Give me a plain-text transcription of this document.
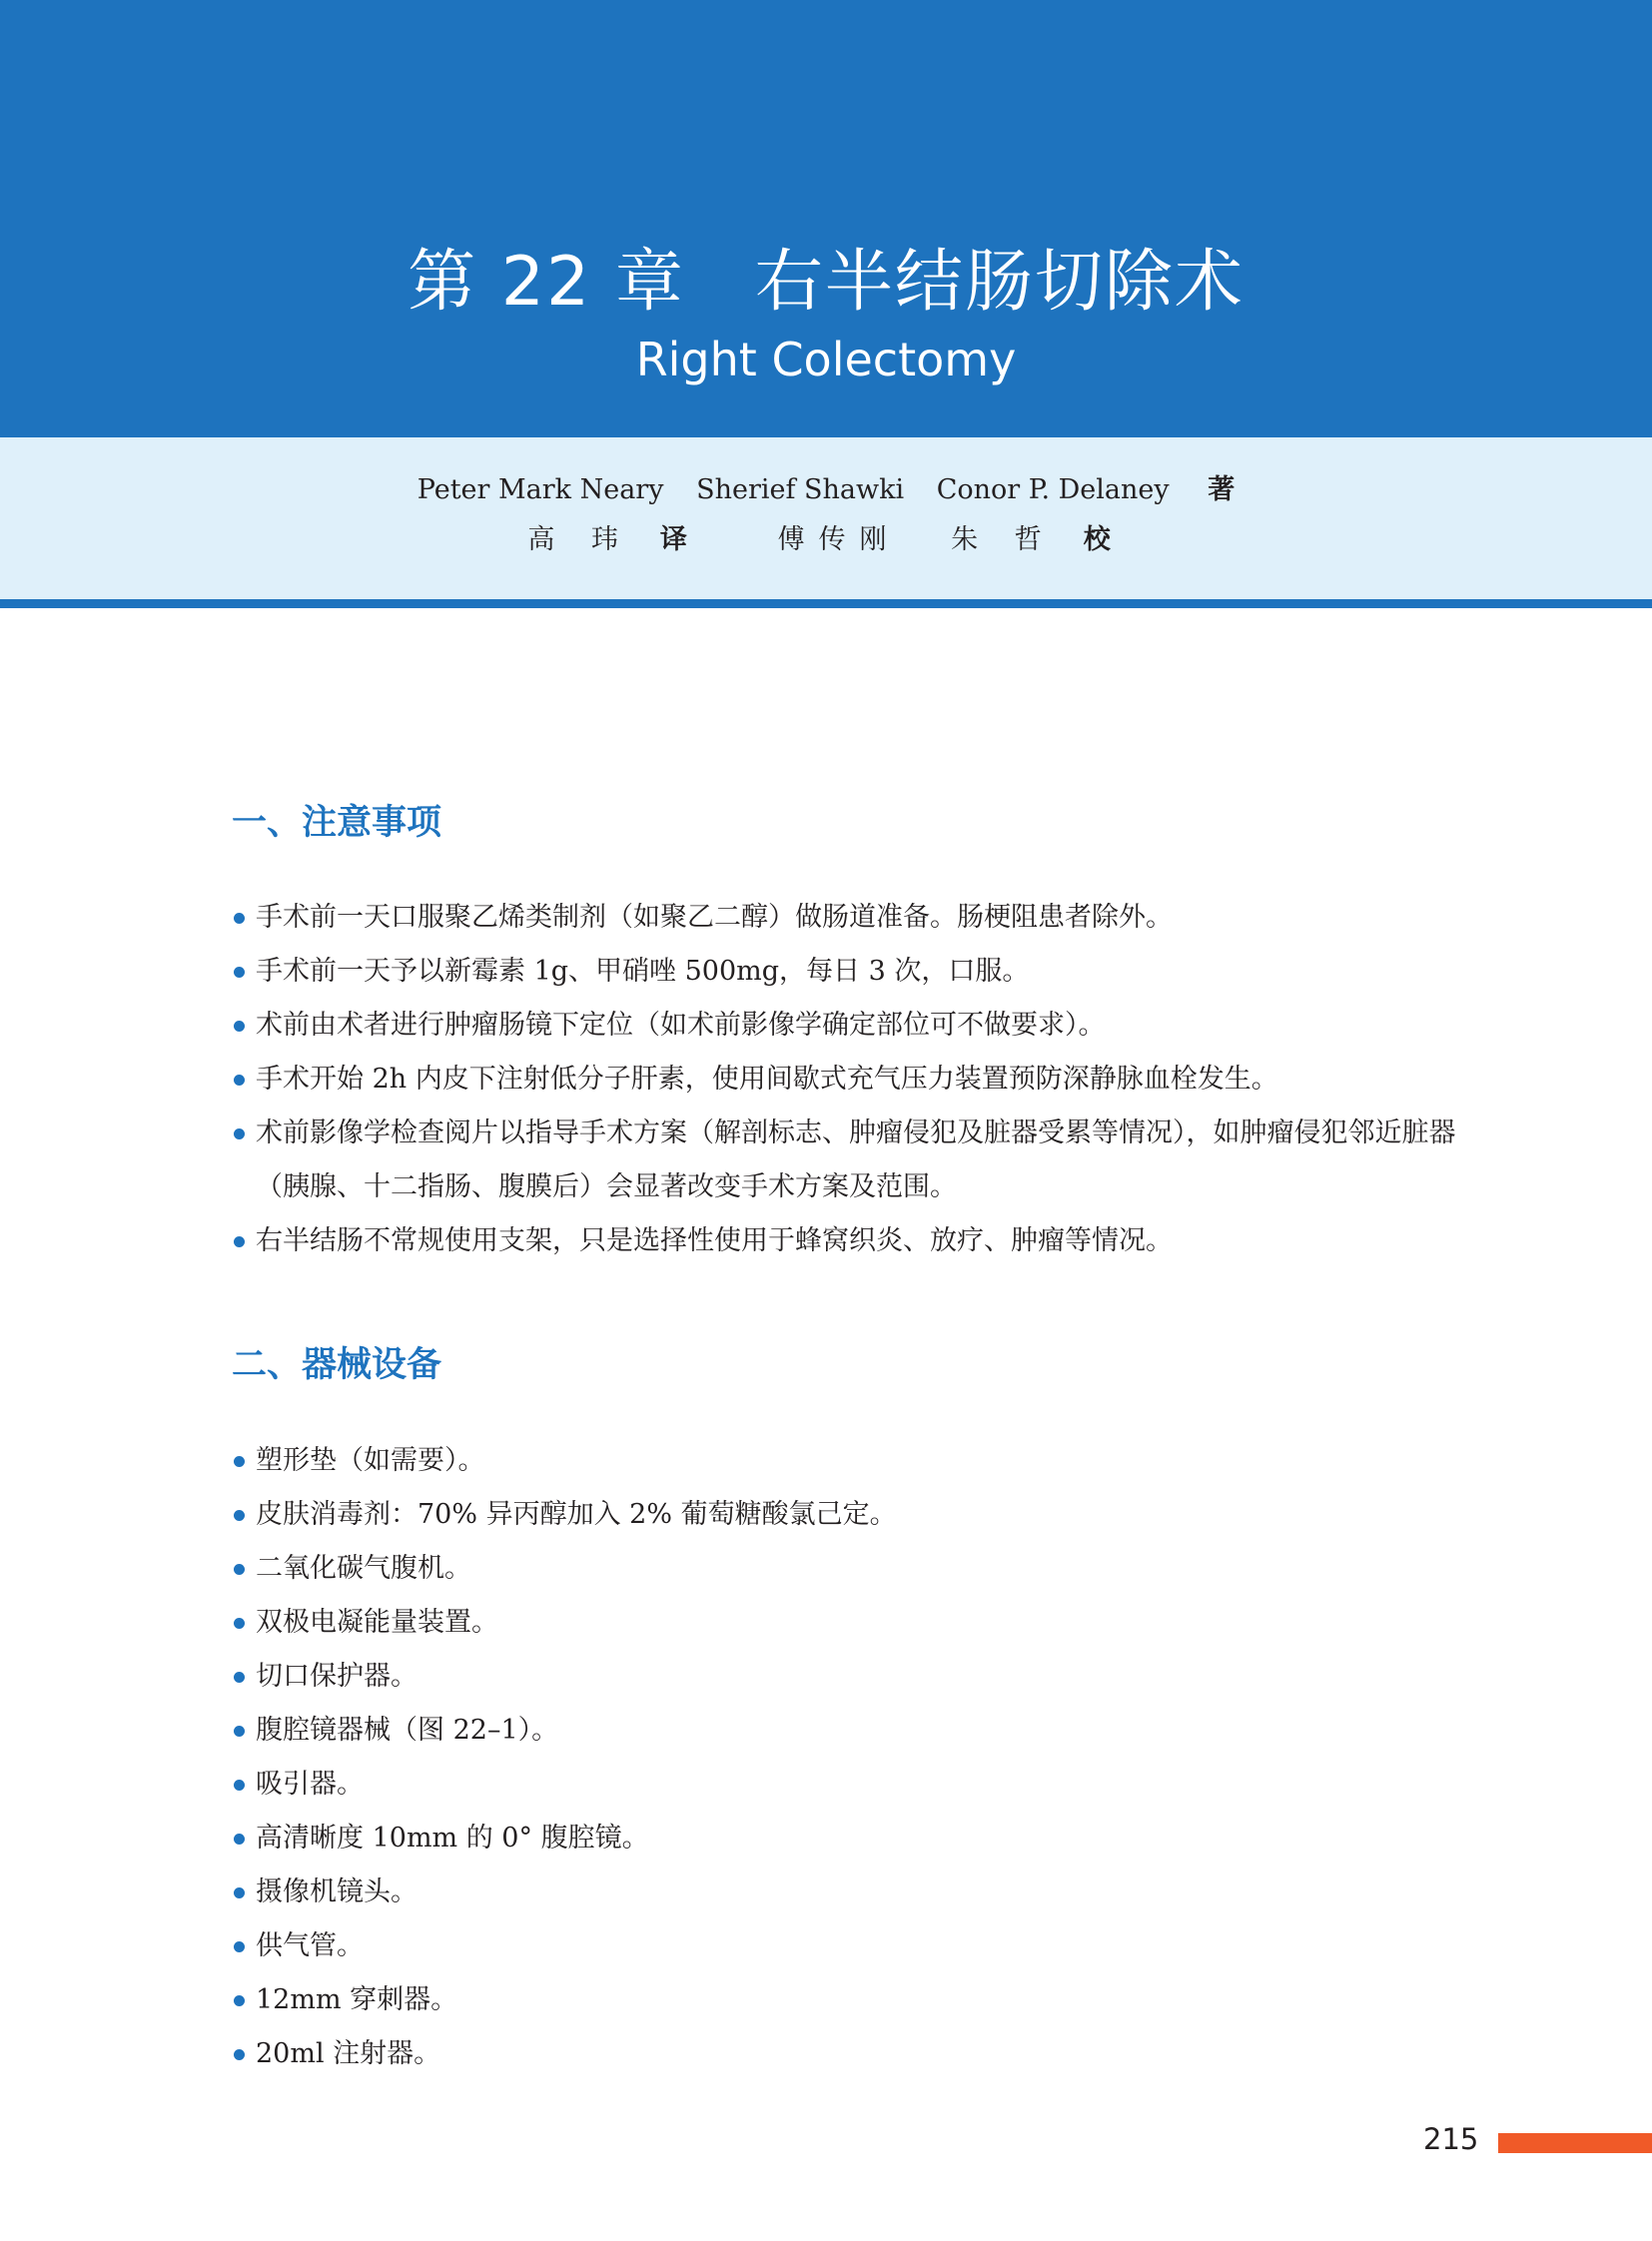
第 22 章 右半结肠切除术
Right Colectomy
Peter Mark Neary Sherief Shawki Conor P. Delaney 著
高 玮 译	傅传刚 朱 哲 校
一、注意事项
手术前一天口服聚乙烯类制剂（如聚乙二醇）做肠道准备。肠梗阻患者除外。
手术前一天予以新霉素 1g、甲硝唑 500mg，每日 3 次，口服。
术前由术者进行肿瘤肠镜下定位（如术前影像学确定部位可不做要求）。
手术开始 2h 内皮下注射低分子肝素，使用间歇式充气压力装置预防深静脉血栓发生。
术前影像学检查阅片以指导手术方案（解剖标志、肿瘤侵犯及脏器受累等情况），如肿瘤侵犯邻近脏器（胰腺、十二指肠、腹膜后）会显著改变手术方案及范围。
右半结肠不常规使用支架，只是选择性使用于蜂窝织炎、放疗、肿瘤等情况。
二、器械设备
塑形垫（如需要）。
皮肤消毒剂：70% 异丙醇加入 2% 葡萄糖酸氯己定。
二氧化碳气腹机。
双极电凝能量装置。
切口保护器。
腹腔镜器械（图 22–1）。
吸引器。
高清晰度 10mm 的 0° 腹腔镜。
摄像机镜头。
供气管。
12mm 穿刺器。
20ml 注射器。
215
